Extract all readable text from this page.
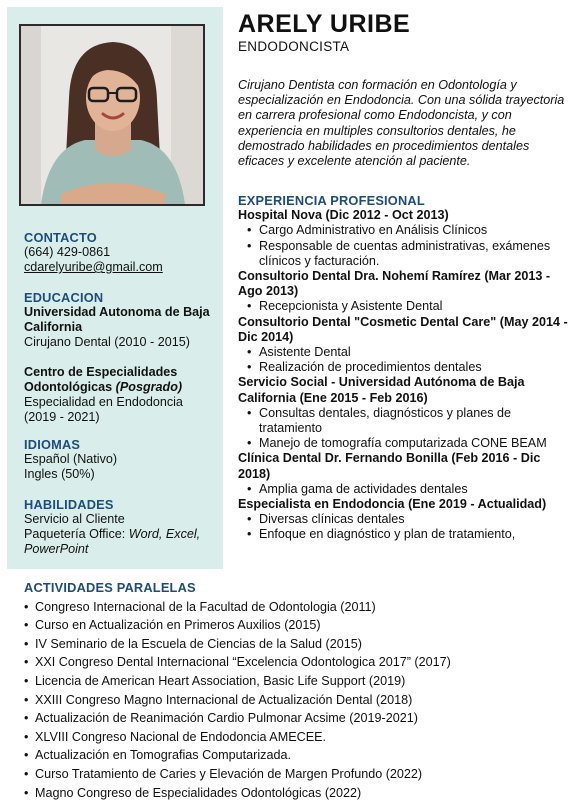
CONTACTO
(664) 429-0861
cdarelyuribe@gmail.com
EDUCACION
Universidad Autonoma de Baja California
Cirujano Dental (2010 - 2015)
Centro de Especialidades Odontológicas (Posgrado)
Especialidad en Endodoncia (2019 - 2021)
IDIOMAS
Español (Nativo)
Ingles (50%)
HABILIDADES
Servicio al Cliente
Paquetería Office: Word, Excel, PowerPoint
ARELY URIBE
ENDODONCISTA
Cirujano Dentista con formación en Odontología y especialización en Endodoncia. Con una sólida trayectoria en carrera profesional como Endodoncista, y con experiencia en multiples consultorios dentales, he demostrado habilidades en procedimientos dentales eficaces y excelente atención al paciente.
EXPERIENCIA PROFESIONAL
Hospital Nova (Dic 2012 - Oct 2013)
• Cargo Administrativo en Análisis Clínicos
• Responsable de cuentas administrativas, exámenes clínicos y facturación.
Consultorio Dental Dra. Nohemí Ramírez (Mar 2013 - Ago 2013)
• Recepcionista y Asistente Dental
Consultorio Dental "Cosmetic Dental Care" (May 2014 - Dic 2014)
• Asistente Dental
• Realización de procedimientos dentales
Servicio Social - Universidad Autónoma de Baja California (Ene 2015 - Feb 2016)
• Consultas dentales, diagnósticos y planes de tratamiento
• Manejo de tomografía computarizada CONE BEAM
Clínica Dental Dr. Fernando Bonilla (Feb 2016 - Dic 2018)
• Amplia gama de actividades dentales
Especialista en Endodoncia (Ene 2019 - Actualidad)
• Diversas clínicas dentales
• Enfoque en diagnóstico y plan de tratamiento,
ACTIVIDADES PARALELAS
• Congreso Internacional de la Facultad de Odontologia (2011)
• Curso en Actualización en Primeros Auxilios (2015)
• IV Seminario de la Escuela de Ciencias de la Salud (2015)
• XXI Congreso Dental Internacional “Excelencia Odontologica 2017” (2017)
• Licencia de American Heart Association, Basic Life Support (2019)
• XXIII Congreso Magno Internacional de Actualización Dental (2018)
• Actualización de Reanimación Cardio Pulmonar Acsime (2019-2021)
• XLVIII Congreso Nacional de Endodoncia AMECEE.
• Actualización en Tomografias Computarizada.
• Curso Tratamiento de Caries y Elevación de Margen Profundo (2022)
• Magno Congreso de Especialidades Odontológicas (2022)
